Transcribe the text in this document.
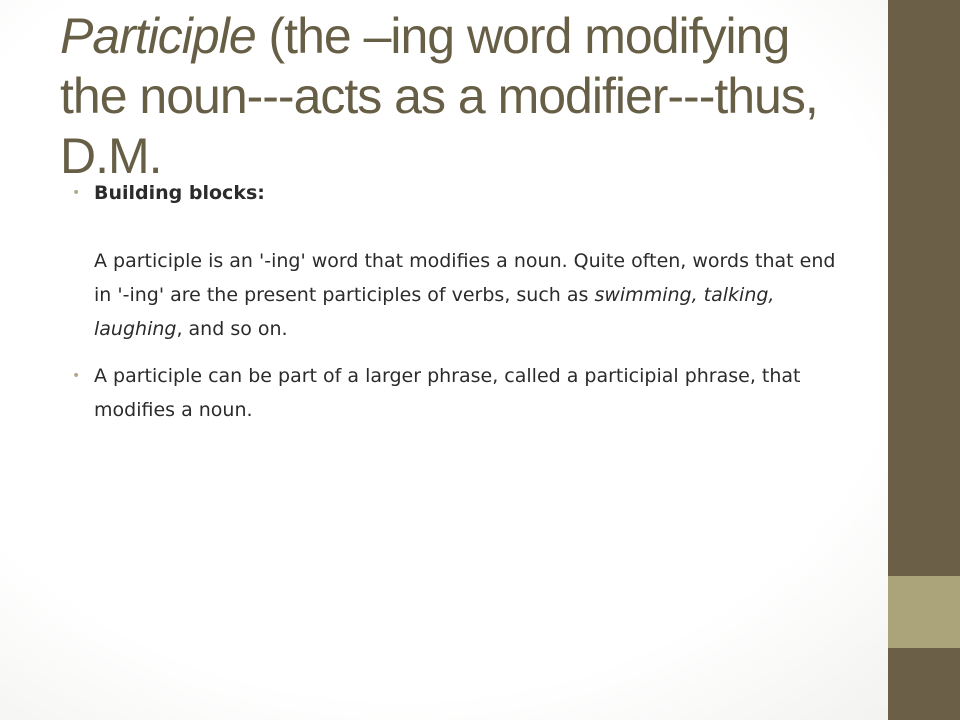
Participle (the –ing word modifying the noun---acts as a modifier---thus, D.M.
• Building blocks:
A participle is an '-ing' word that modifies a noun. Quite often, words that end in '-ing' are the present participles of verbs, such as swimming, talking, laughing, and so on.
• A participle can be part of a larger phrase, called a participial phrase, that modifies a noun.
